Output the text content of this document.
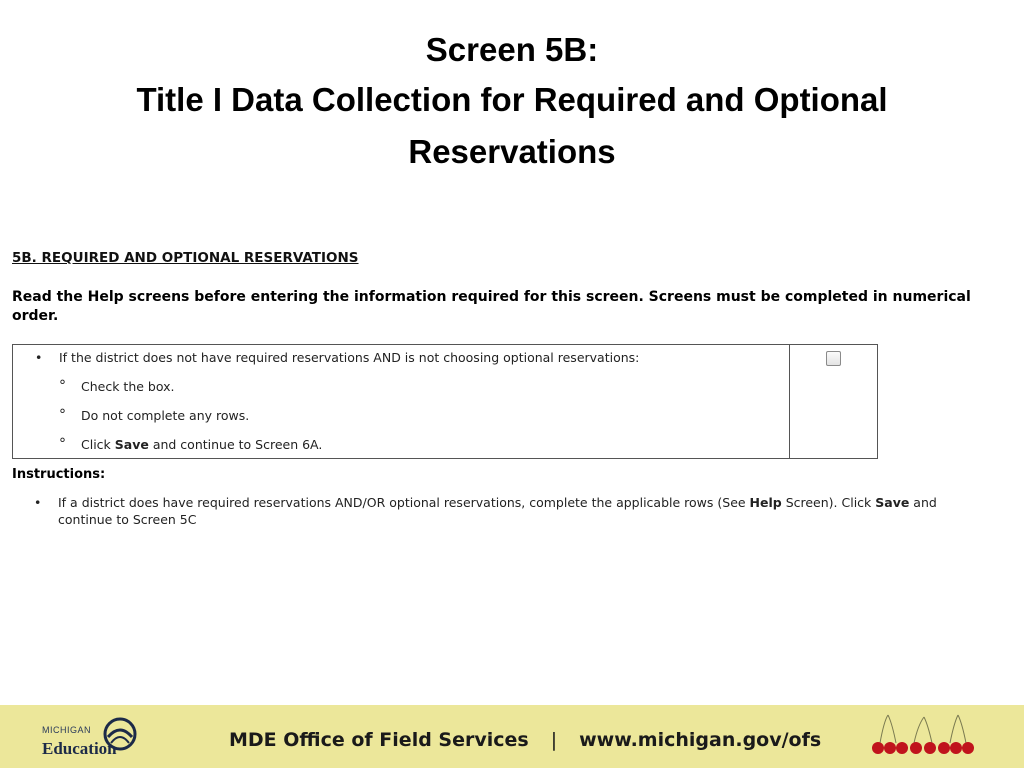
Screen 5B:
Title I Data Collection for Required and Optional Reservations
5B. REQUIRED AND OPTIONAL RESERVATIONS
Read the Help screens before entering the information required for this screen. Screens must be completed in numerical order.
• If the district does not have required reservations AND is not choosing optional reservations:
° Check the box.
° Do not complete any rows.
° Click Save and continue to Screen 6A.
Instructions:
• If a district does have required reservations AND/OR optional reservations, complete the applicable rows (See Help Screen). Click Save and continue to Screen 5C
MICHIGAN
Education	MDE Office of Field Services | www.michigan.gov/ofs
